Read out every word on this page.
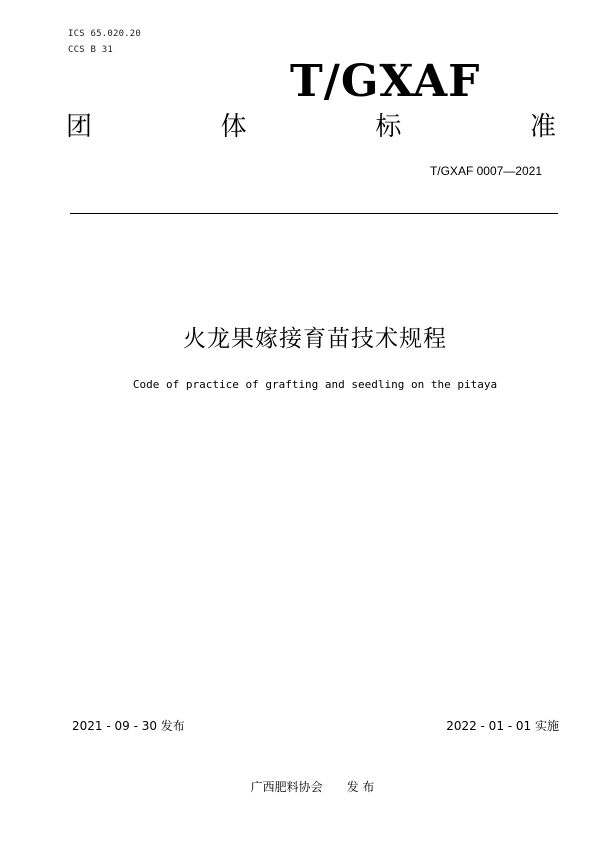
ICS 65.020.20
CCS B 31
T/GXAF
团	体	标	准
T/GXAF 0007—2021
火龙果嫁接育苗技术规程
Code of practice of grafting and seedling on the pitaya
2021 - 09 - 30 发布	2022 - 01 - 01 实施
广西肥料协会 发 布
